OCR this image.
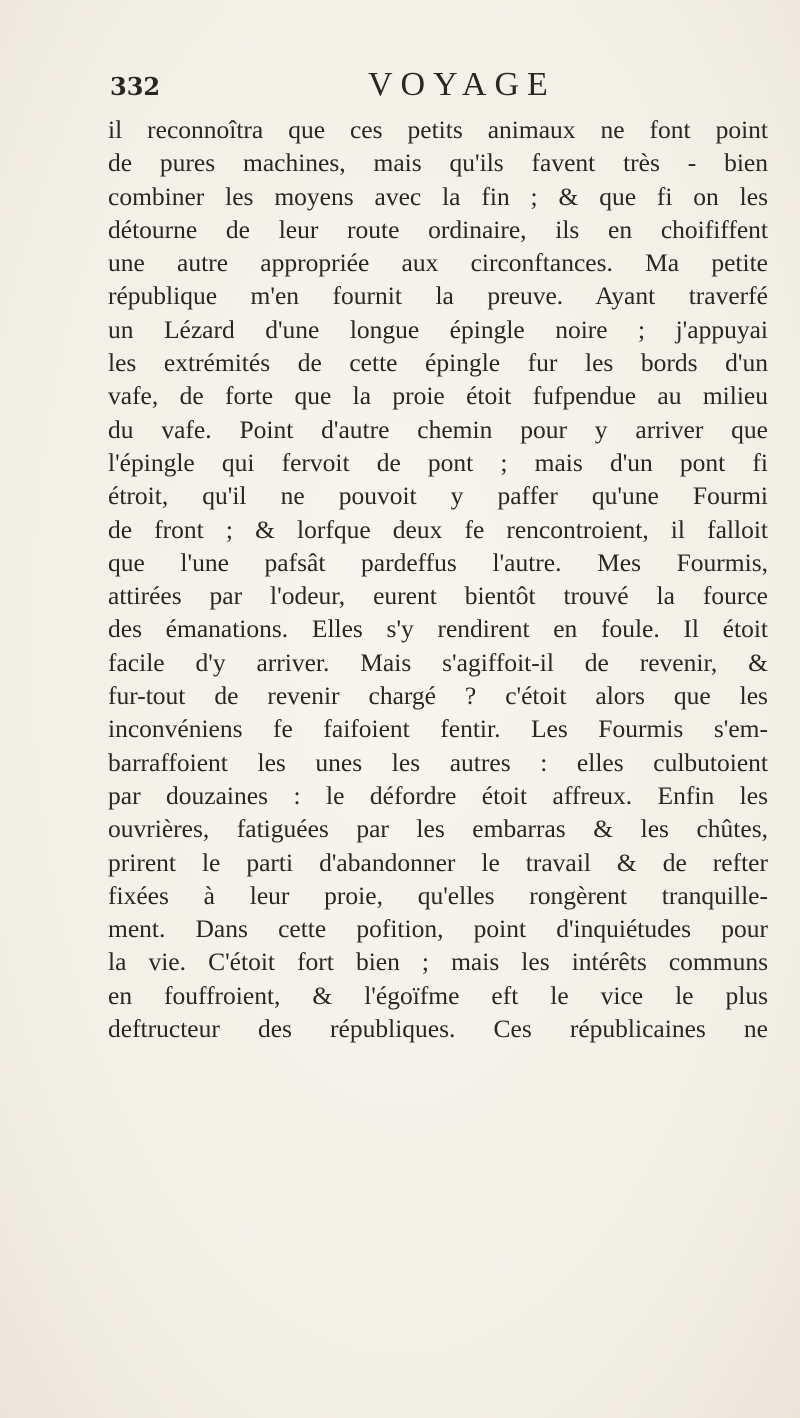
332	VOYAGE
il reconnoîtra que ces petits animaux ne font point
de pures machines, mais qu'ils favent très - bien
combiner les moyens avec la fin ; & que fi on les
détourne de leur route ordinaire, ils en choififfent
une autre appropriée aux circonftances. Ma petite
république m'en fournit la preuve. Ayant traverfé
un Lézard d'une longue épingle noire ; j'appuyai
les extrémités de cette épingle fur les bords d'un
vafe, de forte que la proie étoit fufpendue au milieu
du vafe. Point d'autre chemin pour y arriver que
l'épingle qui fervoit de pont ; mais d'un pont fi
étroit, qu'il ne pouvoit y paffer qu'une Fourmi
de front ; & lorfque deux fe rencontroient, il falloit
que l'une pafsât pardeffus l'autre. Mes Fourmis,
attirées par l'odeur, eurent bientôt trouvé la fource
des émanations. Elles s'y rendirent en foule. Il étoit
facile d'y arriver. Mais s'agiffoit-il de revenir, &
fur-tout de revenir chargé ? c'étoit alors que les
inconvéniens fe faifoient fentir. Les Fourmis s'em-
barraffoient les unes les autres : elles culbutoient
par douzaines : le défordre étoit affreux. Enfin les
ouvrières, fatiguées par les embarras & les chûtes,
prirent le parti d'abandonner le travail & de refter
fixées à leur proie, qu'elles rongèrent tranquille-
ment. Dans cette pofition, point d'inquiétudes pour
la vie. C'étoit fort bien ; mais les intérêts communs
en fouffroient, & l'égoïfme eft le vice le plus
deftructeur des républiques. Ces républicaines ne
